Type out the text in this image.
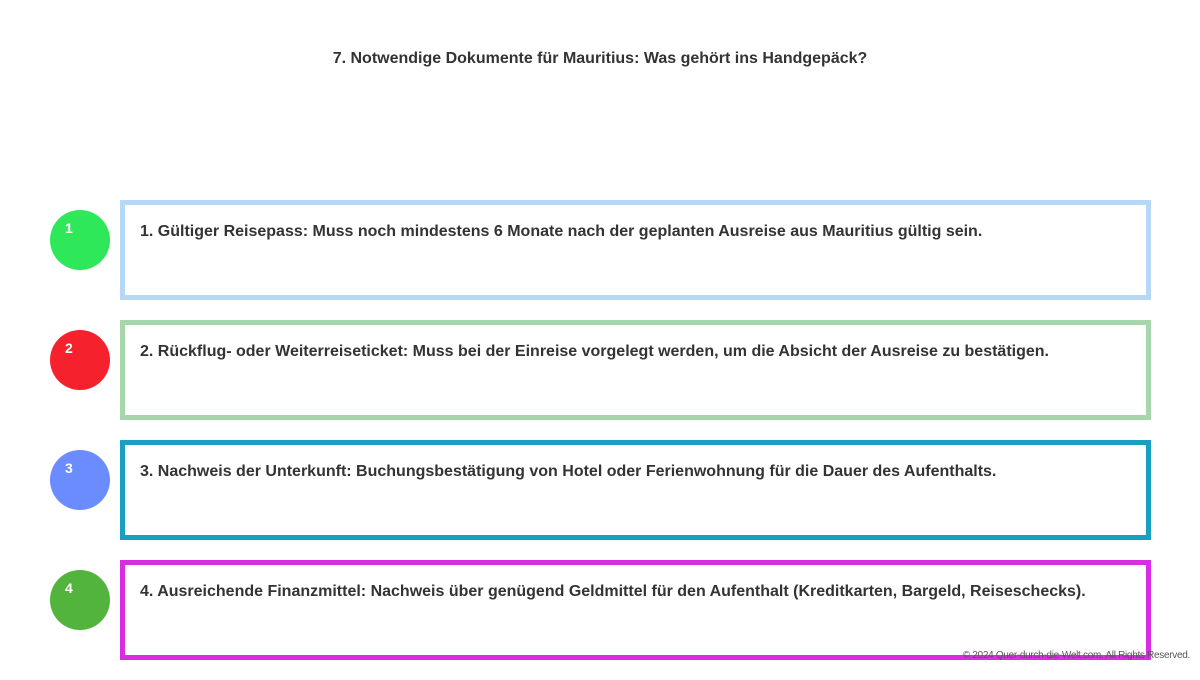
7. Notwendige Dokumente für Mauritius: Was gehört ins Handgepäck?
1	1. Gültiger Reisepass: Muss noch mindestens 6 Monate nach der geplanten Ausreise aus Mauritius gültig sein.

2	2. Rückflug- oder Weiterreiseticket: Muss bei der Einreise vorgelegt werden, um die Absicht der Ausreise zu bestätigen.

3	3. Nachweis der Unterkunft: Buchungsbestätigung von Hotel oder Ferienwohnung für die Dauer des Aufenthalts.

4	4. Ausreichende Finanzmittel: Nachweis über genügend Geldmittel für den Aufenthalt (Kreditkarten, Bargeld, Reiseschecks).

© 2024 Quer-durch-die-Welt.com. All Rights Reserved.
